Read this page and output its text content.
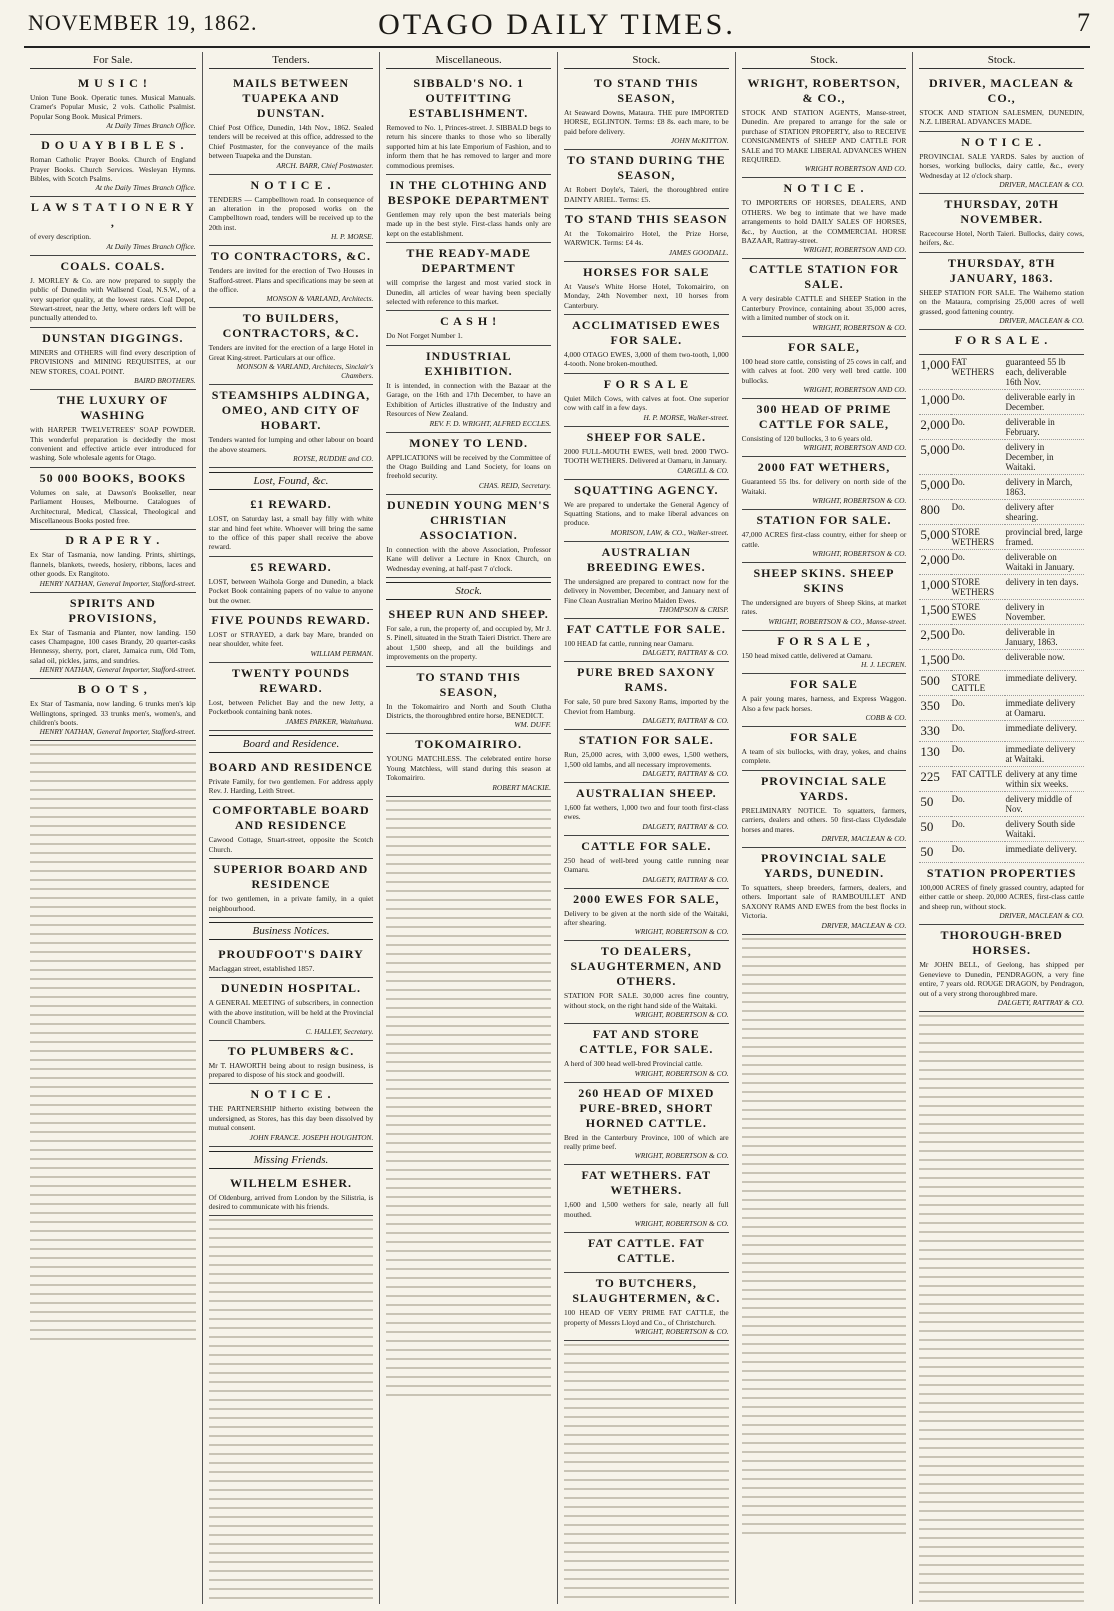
NOVEMBER 19, 1862.	OTAGO DAILY TIMES.	7
For Sale.
M U S I C !
Union Tune Book. Operatic tunes. Musical Manuals. Cramer's Popular Music, 2 vols. Catholic Psalmist. Popular Song Book. Musical Primers.
At Daily Times Branch Office.
D O U A Y B I B L E S .
Roman Catholic Prayer Books. Church of England Prayer Books. Church Services. Wesleyan Hymns. Bibles, with Scotch Psalms.
At the Daily Times Branch Office.
L A W S T A T I O N E R Y ,
of every description.
At Daily Times Branch Office.
COALS. COALS.
J. MORLEY & Co. are now prepared to supply the public of Dunedin with Wallsend Coal, N.S.W., of a very superior quality, at the lowest rates. Coal Depot, Stewart-street, near the Jetty, where orders left will be punctually attended to.
DUNSTAN DIGGINGS.
MINERS and OTHERS will find every description of PROVISIONS and MINING REQUISITES, at our NEW STORES, COAL POINT.
BAIRD BROTHERS.
THE LUXURY OF WASHING
with HARPER TWELVETREES' SOAP POWDER. This wonderful preparation is decidedly the most convenient and effective article ever introduced for washing. Sole wholesale agents for Otago.
50 000 BOOKS, BOOKS
Volumes on sale, at Dawson's Bookseller, near Parliament Houses, Melbourne. Catalogues of Architectural, Medical, Classical, Theological and Miscellaneous Books posted free.
D R A P E R Y .
Ex Star of Tasmania, now landing. Prints, shirtings, flannels, blankets, tweeds, hosiery, ribbons, laces and other goods. Ex Rangitoto.
HENRY NATHAN, General Importer, Stafford-street.
SPIRITS AND PROVISIONS,
Ex Star of Tasmania and Planter, now landing. 150 cases Champagne, 100 cases Brandy, 20 quarter-casks Hennessy, sherry, port, claret, Jamaica rum, Old Tom, salad oil, pickles, jams, and sundries.
HENRY NATHAN, General Importer, Stafford-street.
B O O T S ,
Ex Star of Tasmania, now landing. 6 trunks men's kip Wellingtons, springed. 33 trunks men's, women's, and children's boots.
HENRY NATHAN, General Importer, Stafford-street.
Tenders.
MAILS BETWEEN TUAPEKA AND DUNSTAN.
Chief Post Office, Dunedin, 14th Nov., 1862. Sealed tenders will be received at this office, addressed to the Chief Postmaster, for the conveyance of the mails between Tuapeka and the Dunstan.
ARCH. BARR, Chief Postmaster.
N O T I C E .
TENDERS — Campbelltown road. In consequence of an alteration in the proposed works on the Campbelltown road, tenders will be received up to the 20th inst.
H. P. MORSE.
TO CONTRACTORS, &C.
Tenders are invited for the erection of Two Houses in Stafford-street. Plans and specifications may be seen at the office.
MONSON & VARLAND, Architects.
TO BUILDERS, CONTRACTORS, &C.
Tenders are invited for the erection of a large Hotel in Great King-street. Particulars at our office.
MONSON & VARLAND, Architects, Sinclair's Chambers.
STEAMSHIPS ALDINGA, OMEO, AND CITY OF HOBART.
Tenders wanted for lumping and other labour on board the above steamers.
ROYSE, RUDDIE and CO.
Lost, Found, &c.
£1 REWARD.
LOST, on Saturday last, a small bay filly with white star and hind feet white. Whoever will bring the same to the office of this paper shall receive the above reward.
£5 REWARD.
LOST, between Waihola Gorge and Dunedin, a black Pocket Book containing papers of no value to anyone but the owner.
FIVE POUNDS REWARD.
LOST or STRAYED, a dark bay Mare, branded on near shoulder, white feet.
WILLIAM PERMAN.
TWENTY POUNDS REWARD.
Lost, between Pelichet Bay and the new Jetty, a Pocketbook containing bank notes.
JAMES PARKER, Waitahuna.
Board and Residence.
BOARD AND RESIDENCE
Private Family, for two gentlemen. For address apply Rev. J. Harding, Leith Street.
COMFORTABLE BOARD AND RESIDENCE
Cawood Cottage, Stuart-street, opposite the Scotch Church.
SUPERIOR BOARD AND RESIDENCE
for two gentlemen, in a private family, in a quiet neighbourhood.
Business Notices.
PROUDFOOT'S DAIRY
Maclaggan street, established 1857.
DUNEDIN HOSPITAL.
A GENERAL MEETING of subscribers, in connection with the above institution, will be held at the Provincial Council Chambers.
C. HALLEY, Secretary.
TO PLUMBERS &C.
Mr T. HAWORTH being about to resign business, is prepared to dispose of his stock and goodwill.
N O T I C E .
THE PARTNERSHIP hitherto existing between the undersigned, as Stores, has this day been dissolved by mutual consent.
JOHN FRANCE. JOSEPH HOUGHTON.
Missing Friends.
WILHELM ESHER.
Of Oldenburg, arrived from London by the Silistria, is desired to communicate with his friends.
Miscellaneous.
SIBBALD'S NO. 1 OUTFITTING ESTABLISHMENT.
Removed to No. 1, Princes-street. J. SIBBALD begs to return his sincere thanks to those who so liberally supported him at his late Emporium of Fashion, and to inform them that he has removed to larger and more commodious premises.
IN THE CLOTHING AND BESPOKE DEPARTMENT
Gentlemen may rely upon the best materials being made up in the best style. First-class hands only are kept on the establishment.
THE READY-MADE DEPARTMENT
will comprise the largest and most varied stock in Dunedin, all articles of wear having been specially selected with reference to this market.
C A S H !
Do Not Forget Number 1.
INDUSTRIAL EXHIBITION.
It is intended, in connection with the Bazaar at the Garage, on the 16th and 17th December, to have an Exhibition of Articles illustrative of the Industry and Resources of New Zealand.
REV. F. D. WRIGHT, ALFRED ECCLES.
MONEY TO LEND.
APPLICATIONS will be received by the Committee of the Otago Building and Land Society, for loans on freehold security.
CHAS. REID, Secretary.
DUNEDIN YOUNG MEN'S CHRISTIAN ASSOCIATION.
In connection with the above Association, Professor Kane will deliver a Lecture in Knox Church, on Wednesday evening, at half-past 7 o'clock.
Stock.
SHEEP RUN AND SHEEP.
For sale, a run, the property of, and occupied by, Mr J. S. Pinell, situated in the Strath Taieri District. There are about 1,500 sheep, and all the buildings and improvements on the property.
TO STAND THIS SEASON,
In the Tokomairiro and North and South Clutha Districts, the thoroughbred entire horse, BENEDICT.
WM. DUFF.
TOKOMAIRIRO.
YOUNG MATCHLESS. The celebrated entire horse Young Matchless, will stand during this season at Tokomairiro.
ROBERT MACKIE.
Stock.
TO STAND THIS SEASON,
At Seaward Downs, Mataura. THE pure IMPORTED HORSE, EGLINTON. Terms: £8 8s. each mare, to be paid before delivery.
JOHN McKITTON.
TO STAND DURING THE SEASON,
At Robert Doyle's, Taieri, the thoroughbred entire DAINTY ARIEL. Terms: £5.
TO STAND THIS SEASON
At the Tokomairiro Hotel, the Prize Horse, WARWICK. Terms: £4 4s.
JAMES GOODALL.
HORSES FOR SALE
At Vause's White Horse Hotel, Tokomairiro, on Monday, 24th November next, 10 horses from Canterbury.
ACCLIMATISED EWES FOR SALE.
4,000 OTAGO EWES, 3,000 of them two-tooth, 1,000 4-tooth. None broken-mouthed.
F O R S A L E
Quiet Milch Cows, with calves at foot. One superior cow with calf in a few days.
H. P. MORSE, Walker-street.
SHEEP FOR SALE.
2000 FULL-MOUTH EWES, well bred. 2000 TWO-TOOTH WETHERS. Delivered at Oamaru, in January.
CARGILL & CO.
SQUATTING AGENCY.
We are prepared to undertake the General Agency of Squatting Stations, and to make liberal advances on produce.
MORISON, LAW, & CO., Walker-street.
AUSTRALIAN BREEDING EWES.
The undersigned are prepared to contract now for the delivery in November, December, and January next of Fine Clean Australian Merino Maiden Ewes.
THOMPSON & CRISP.
FAT CATTLE FOR SALE.
100 HEAD fat cattle, running near Oamaru.
DALGETY, RATTRAY & CO.
PURE BRED SAXONY RAMS.
For sale, 50 pure bred Saxony Rams, imported by the Cheviot from Hamburg.
DALGETY, RATTRAY & CO.
STATION FOR SALE.
Run, 25,000 acres, with 3,000 ewes, 1,500 wethers, 1,500 old lambs, and all necessary improvements.
DALGETY, RATTRAY & CO.
AUSTRALIAN SHEEP.
1,600 fat wethers, 1,000 two and four tooth first-class ewes.
DALGETY, RATTRAY & CO.
CATTLE FOR SALE.
250 head of well-bred young cattle running near Oamaru.
DALGETY, RATTRAY & CO.
2000 EWES FOR SALE,
Delivery to be given at the north side of the Waitaki, after shearing.
WRIGHT, ROBERTSON & CO.
TO DEALERS, SLAUGHTERMEN, AND OTHERS.
STATION FOR SALE. 30,000 acres fine country, without stock, on the right hand side of the Waitaki.
WRIGHT, ROBERTSON & CO.
FAT AND STORE CATTLE, FOR SALE.
A herd of 300 head well-bred Provincial cattle.
WRIGHT, ROBERTSON & CO.
260 HEAD OF MIXED PURE-BRED, SHORT HORNED CATTLE.
Bred in the Canterbury Province, 100 of which are really prime beef.
WRIGHT, ROBERTSON & CO.
FAT WETHERS. FAT WETHERS.
1,600 and 1,500 wethers for sale, nearly all full mouthed.
WRIGHT, ROBERTSON & CO.
FAT CATTLE. FAT CATTLE.
TO BUTCHERS, SLAUGHTERMEN, &C.
100 HEAD OF VERY PRIME FAT CATTLE, the property of Messrs Lloyd and Co., of Christchurch.
WRIGHT, ROBERTSON & CO.
Stock.
WRIGHT, ROBERTSON, & CO.,
STOCK AND STATION AGENTS, Manse-street, Dunedin. Are prepared to arrange for the sale or purchase of STATION PROPERTY, also to RECEIVE CONSIGNMENTS of SHEEP AND CATTLE FOR SALE and TO MAKE LIBERAL ADVANCES WHEN REQUIRED.
WRIGHT ROBERTSON AND CO.
N O T I C E .
TO IMPORTERS OF HORSES, DEALERS, AND OTHERS. We beg to intimate that we have made arrangements to hold DAILY SALES OF HORSES, &c., by Auction, at the COMMERCIAL HORSE BAZAAR, Rattray-street.
WRIGHT, ROBERTSON AND CO.
CATTLE STATION FOR SALE.
A very desirable CATTLE and SHEEP Station in the Canterbury Province, containing about 35,000 acres, with a limited number of stock on it.
WRIGHT, ROBERTSON & CO.
FOR SALE,
100 head store cattle, consisting of 25 cows in calf, and with calves at foot. 200 very well bred cattle. 100 bullocks.
WRIGHT, ROBERTSON AND CO.
300 HEAD OF PRIME CATTLE FOR SALE,
Consisting of 120 bullocks, 3 to 6 years old.
WRIGHT, ROBERTSON AND CO.
2000 FAT WETHERS,
Guaranteed 55 lbs. for delivery on north side of the Waitaki.
WRIGHT, ROBERTSON & CO.
STATION FOR SALE.
47,000 ACRES first-class country, either for sheep or cattle.
WRIGHT, ROBERTSON & CO.
SHEEP SKINS. SHEEP SKINS
The undersigned are buyers of Sheep Skins, at market rates.
WRIGHT, ROBERTSON & CO., Manse-street.
F O R S A L E ,
150 head mixed cattle, delivered at Oamaru.
H. J. LECREN.
FOR SALE
A pair young mares, harness, and Express Waggon. Also a few pack horses.
COBB & CO.
FOR SALE
A team of six bullocks, with dray, yokes, and chains complete.
PROVINCIAL SALE YARDS.
PRELIMINARY NOTICE. To squatters, farmers, carriers, dealers and others. 50 first-class Clydesdale horses and mares.
DRIVER, MACLEAN & CO.
PROVINCIAL SALE YARDS, DUNEDIN.
To squatters, sheep breeders, farmers, dealers, and others. Important sale of RAMBOUILLET AND SAXONY RAMS AND EWES from the best flocks in Victoria.
DRIVER, MACLEAN & CO.
Stock.
DRIVER, MACLEAN & CO.,
STOCK AND STATION SALESMEN, DUNEDIN, N.Z. LIBERAL ADVANCES MADE.
N O T I C E .
PROVINCIAL SALE YARDS. Sales by auction of horses, working bullocks, dairy cattle, &c., every Wednesday at 12 o'clock sharp.
DRIVER, MACLEAN & CO.
THURSDAY, 20TH NOVEMBER.
Racecourse Hotel, North Taieri. Bullocks, dairy cows, heifers, &c.
THURSDAY, 8TH JANUARY, 1863.
SHEEP STATION FOR SALE. The Waihemo station on the Mataura, comprising 25,000 acres of well grassed, good fattening country.
DRIVER, MACLEAN & CO.
F O R S A L E .
1,000	FAT WETHERS	guaranteed 55 lb each, deliverable 16th Nov.
1,000	Do.	deliverable early in December.
2,000	Do.	deliverable in February.
5,000	Do.	delivery in December, in Waitaki.
5,000	Do.	delivery in March, 1863.
800	Do.	delivery after shearing.
5,000	STORE WETHERS	provincial bred, large framed.
2,000	Do.	deliverable on Waitaki in January.
1,000	STORE WETHERS	delivery in ten days.
1,500	STORE EWES	delivery in November.
2,500	Do.	deliverable in January, 1863.
1,500	Do.	deliverable now.
500	STORE CATTLE	immediate delivery.
350	Do.	immediate delivery at Oamaru.
330	Do.	immediate delivery.
130	Do.	immediate delivery at Waitaki.
225	FAT CATTLE	delivery at any time within six weeks.
50	Do.	delivery middle of Nov.
50	Do.	delivery South side Waitaki.
50	Do.	immediate delivery.
STATION PROPERTIES
100,000 ACRES of finely grassed country, adapted for either cattle or sheep. 20,000 ACRES, first-class cattle and sheep run, without stock.
DRIVER, MACLEAN & CO.
THOROUGH-BRED HORSES.
Mr JOHN BELL, of Geelong, has shipped per Genevieve to Dunedin, PENDRAGON, a very fine entire, 7 years old. ROUGE DRAGON, by Pendragon, out of a very strong thoroughbred mare.
DALGETY, RATTRAY & CO.
